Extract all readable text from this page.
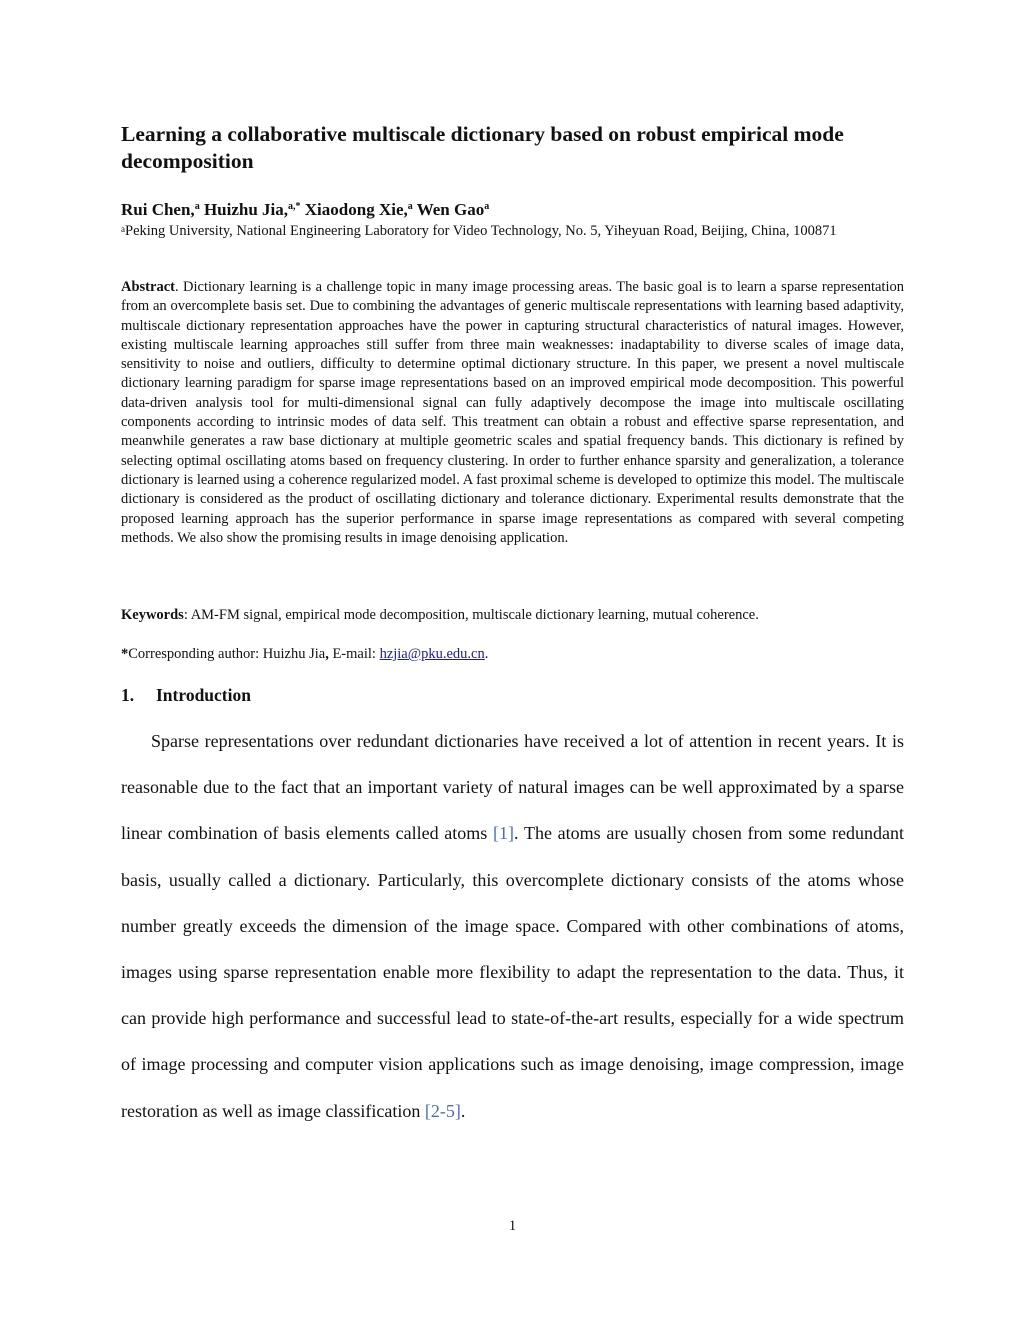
Learning a collaborative multiscale dictionary based on robust empirical mode decomposition
Rui Chen,$^a$ Huizhu Jia,$^{a,*}$ Xiaodong Xie,$^a$ Wen Gao$^a$
$^a$Peking University, National Engineering Laboratory for Video Technology, No. 5, Yiheyuan Road, Beijing, China, 100871

Abstract. Dictionary learning is a challenge topic in many image processing areas. The basic goal is to learn a sparse representation from an overcomplete basis set. Due to combining the advantages of generic multiscale representations with learning based adaptivity, multiscale dictionary representation approaches have the power in capturing structural characteristics of natural images. However, existing multiscale learning approaches still suffer from three main weaknesses: inadaptability to diverse scales of image data, sensitivity to noise and outliers, difficulty to determine optimal dictionary structure. In this paper, we present a novel multiscale dictionary learning paradigm for sparse image representations based on an improved empirical mode decomposition. This powerful data-driven analysis tool for multi-dimensional signal can fully adaptively decompose the image into multiscale oscillating components according to intrinsic modes of data self. This treatment can obtain a robust and effective sparse representation, and meanwhile generates a raw base dictionary at multiple geometric scales and spatial frequency bands. This dictionary is refined by selecting optimal oscillating atoms based on frequency clustering. In order to further enhance sparsity and generalization, a tolerance dictionary is learned using a coherence regularized model. A fast proximal scheme is developed to optimize this model. The multiscale dictionary is considered as the product of oscillating dictionary and tolerance dictionary. Experimental results demonstrate that the proposed learning approach has the superior performance in sparse image representations as compared with several competing methods. We also show the promising results in image denoising application.

Keywords: AM-FM signal, empirical mode decomposition, multiscale dictionary learning, mutual coherence.
*Corresponding author: Huizhu Jia, E-mail: hzjia@pku.edu.cn.
1. Introduction

Sparse representations over redundant dictionaries have received a lot of attention in recent years. It is reasonable due to the fact that an important variety of natural images can be well approximated by a sparse linear combination of basis elements called atoms [1]. The atoms are usually chosen from some redundant basis, usually called a dictionary. Particularly, this overcomplete dictionary consists of the atoms whose number greatly exceeds the dimension of the image space. Compared with other combinations of atoms, images using sparse representation enable more flexibility to adapt the representation to the data. Thus, it can provide high performance and successful lead to state-of-the-art results, especially for a wide spectrum of image processing and computer vision applications such as image denoising, image compression, image restoration as well as image classification [2-5].

1
